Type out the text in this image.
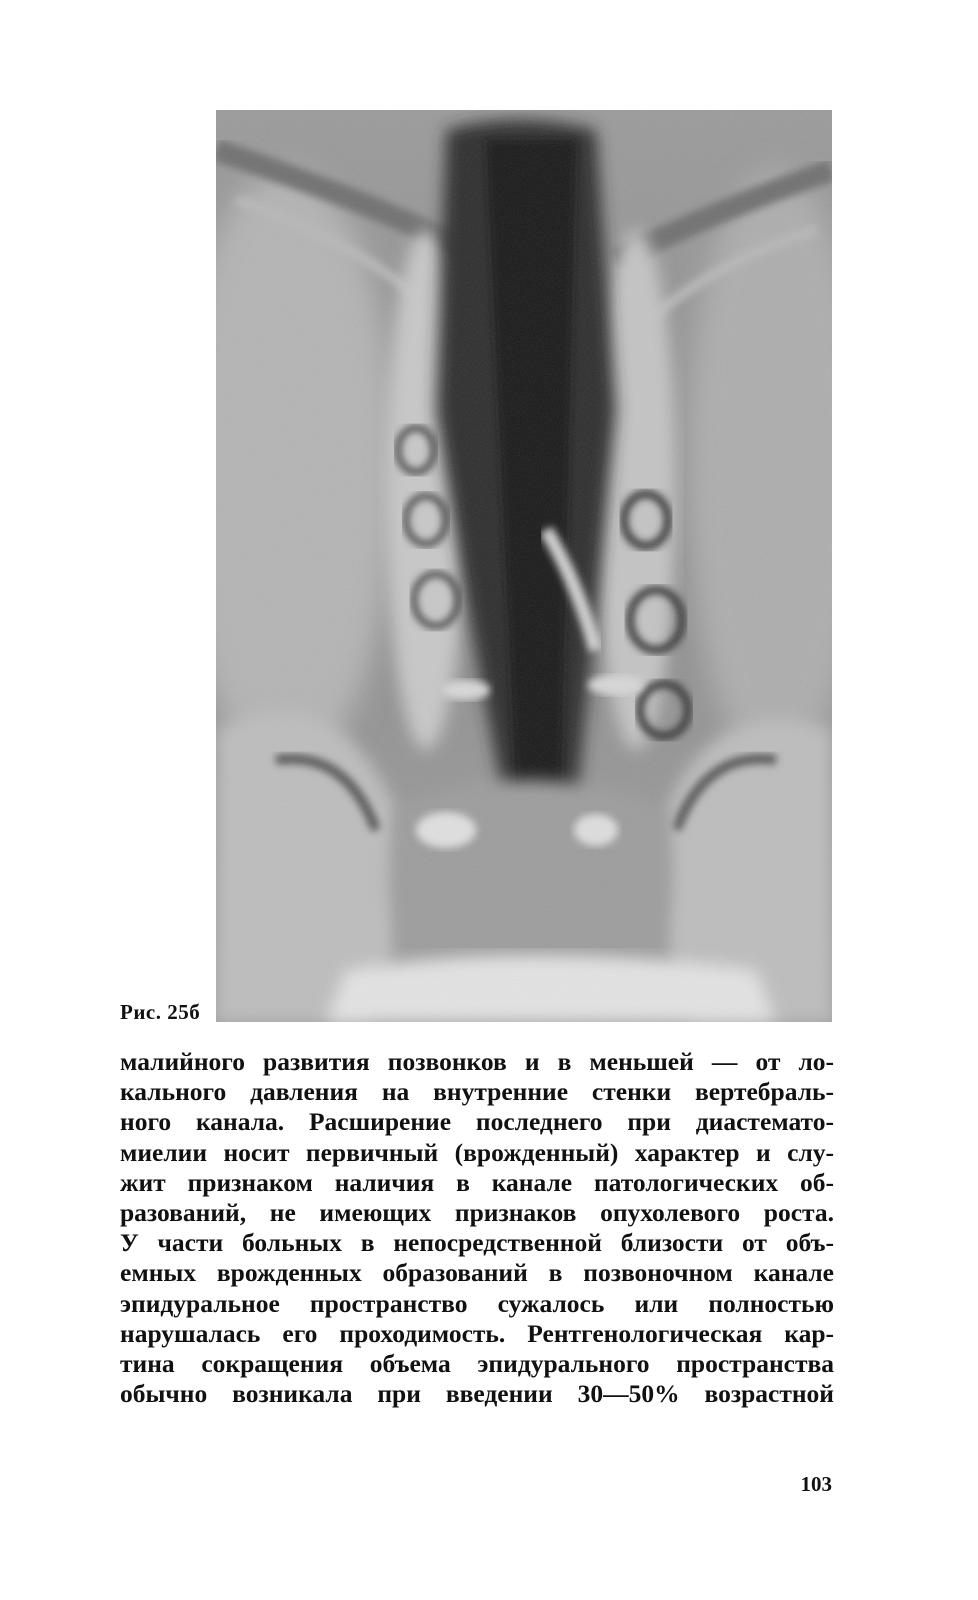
Рис. 25б
малийного развития позвонков и в меньшей — от ло-
кального давления на внутренние стенки вертебраль-
ного канала. Расширение последнего при диастемато-
миелии носит первичный (врожденный) характер и слу-
жит признаком наличия в канале патологических об-
разований, не имеющих признаков опухолевого роста.
У части больных в непосредственной близости от объ-
емных врожденных образований в позвоночном канале
эпидуральное пространство сужалось или полностью
нарушалась его проходимость. Рентгенологическая кар-
тина сокращения объема эпидурального пространства
обычно возникала при введении 30—50% возрастной
103
